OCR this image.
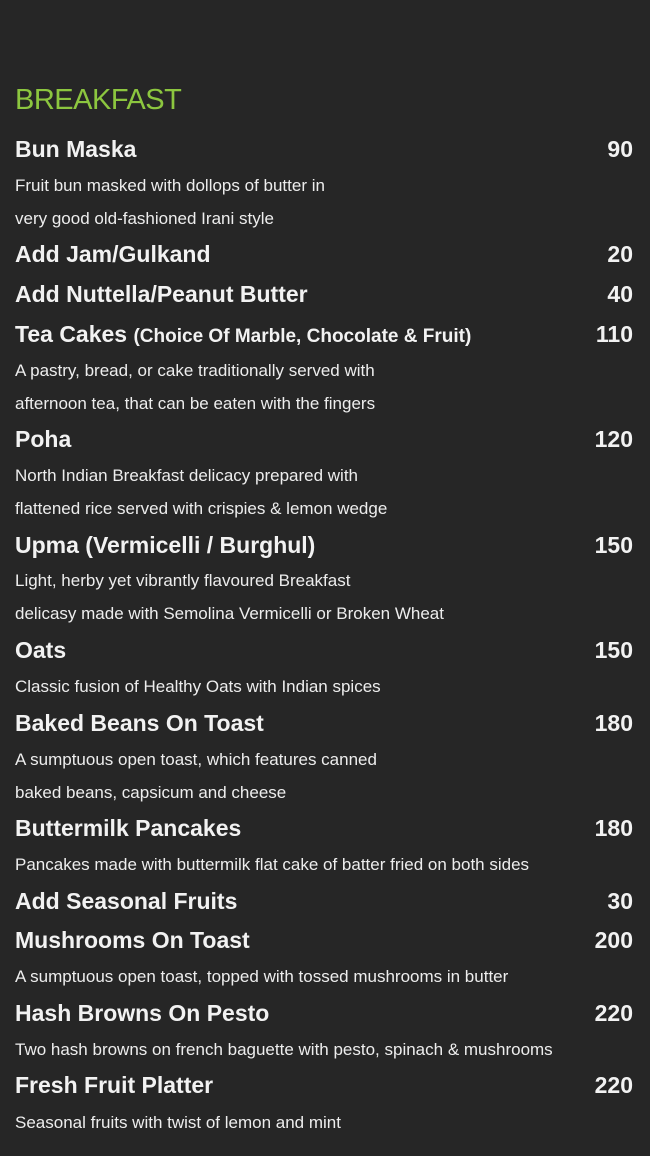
BREAKFAST
Bun Maska	90
Fruit bun masked with dollops of butter in
very good old-fashioned Irani style
Add Jam/Gulkand	20
Add Nuttella/Peanut Butter	40
Tea Cakes (Choice Of Marble, Chocolate & Fruit)	110
A pastry, bread, or cake traditionally served with
afternoon tea, that can be eaten with the fingers
Poha	120
North Indian Breakfast delicacy prepared with
flattened rice served with crispies & lemon wedge
Upma (Vermicelli / Burghul)	150
Light, herby yet vibrantly flavoured Breakfast
delicasy made with Semolina Vermicelli or Broken Wheat
Oats	150
Classic fusion of Healthy Oats with Indian spices
Baked Beans On Toast	180
A sumptuous open toast, which features canned
baked beans, capsicum and cheese
Buttermilk Pancakes	180
Pancakes made with buttermilk flat cake of batter fried on both sides
Add Seasonal Fruits	30
Mushrooms On Toast	200
A sumptuous open toast, topped with tossed mushrooms in butter
Hash Browns On Pesto	220
Two hash browns on french baguette with pesto, spinach & mushrooms
Fresh Fruit Platter	220
Seasonal fruits with twist of lemon and mint
